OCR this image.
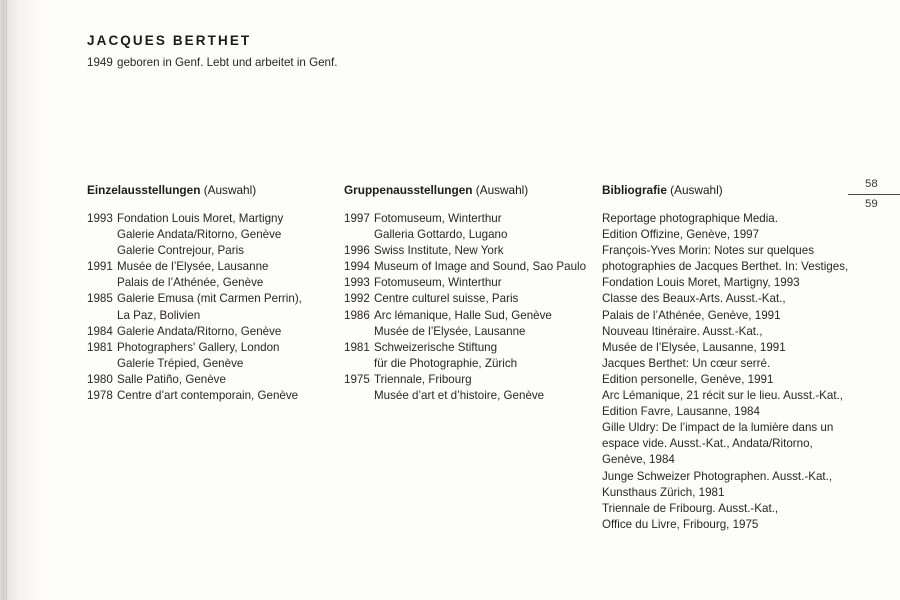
JACQUES BERTHET
1949 geboren in Genf. Lebt und arbeitet in Genf.
58
59
Einzelausstellungen (Auswahl)
1993 Fondation Louis Moret, Martigny
Galerie Andata/Ritorno, Genève
Galerie Contrejour, Paris
1991 Musée de l’Elysée, Lausanne
Palais de l’Athénée, Genève
1985 Galerie Emusa (mit Carmen Perrin),
La Paz, Bolivien
1984 Galerie Andata/Ritorno, Genève
1981 Photographers' Gallery, London
Galerie Trépied, Genève
1980 Salle Patiño, Genève
1978 Centre d’art contemporain, Genève
Gruppenausstellungen (Auswahl)
1997 Fotomuseum, Winterthur
Galleria Gottardo, Lugano
1996 Swiss Institute, New York
1994 Museum of Image and Sound, Sao Paulo
1993 Fotomuseum, Winterthur
1992 Centre culturel suisse, Paris
1986 Arc lémanique, Halle Sud, Genève
Musée de l’Elysée, Lausanne
1981 Schweizerische Stiftung
für die Photographie, Zürich
1975 Triennale, Fribourg
Musée d’art et d’histoire, Genève
Bibliografie (Auswahl)
Reportage photographique Media.
Edition Offizine, Genève, 1997
François-Yves Morin: Notes sur quelques
photographies de Jacques Berthet. In: Vestiges,
Fondation Louis Moret, Martigny, 1993
Classe des Beaux-Arts. Ausst.-Kat.,
Palais de l’Athénée, Genève, 1991
Nouveau Itinéraire. Ausst.-Kat.,
Musée de l’Elysée, Lausanne, 1991
Jacques Berthet: Un cœur serré.
Edition personelle, Genève, 1991
Arc Lémanique, 21 récit sur le lieu. Ausst.-Kat.,
Edition Favre, Lausanne, 1984
Gille Uldry: De l’impact de la lumière dans un
espace vide. Ausst.-Kat., Andata/Ritorno,
Genève, 1984
Junge Schweizer Photographen. Ausst.-Kat.,
Kunsthaus Zürich, 1981
Triennale de Fribourg. Ausst.-Kat.,
Office du Livre, Fribourg, 1975
